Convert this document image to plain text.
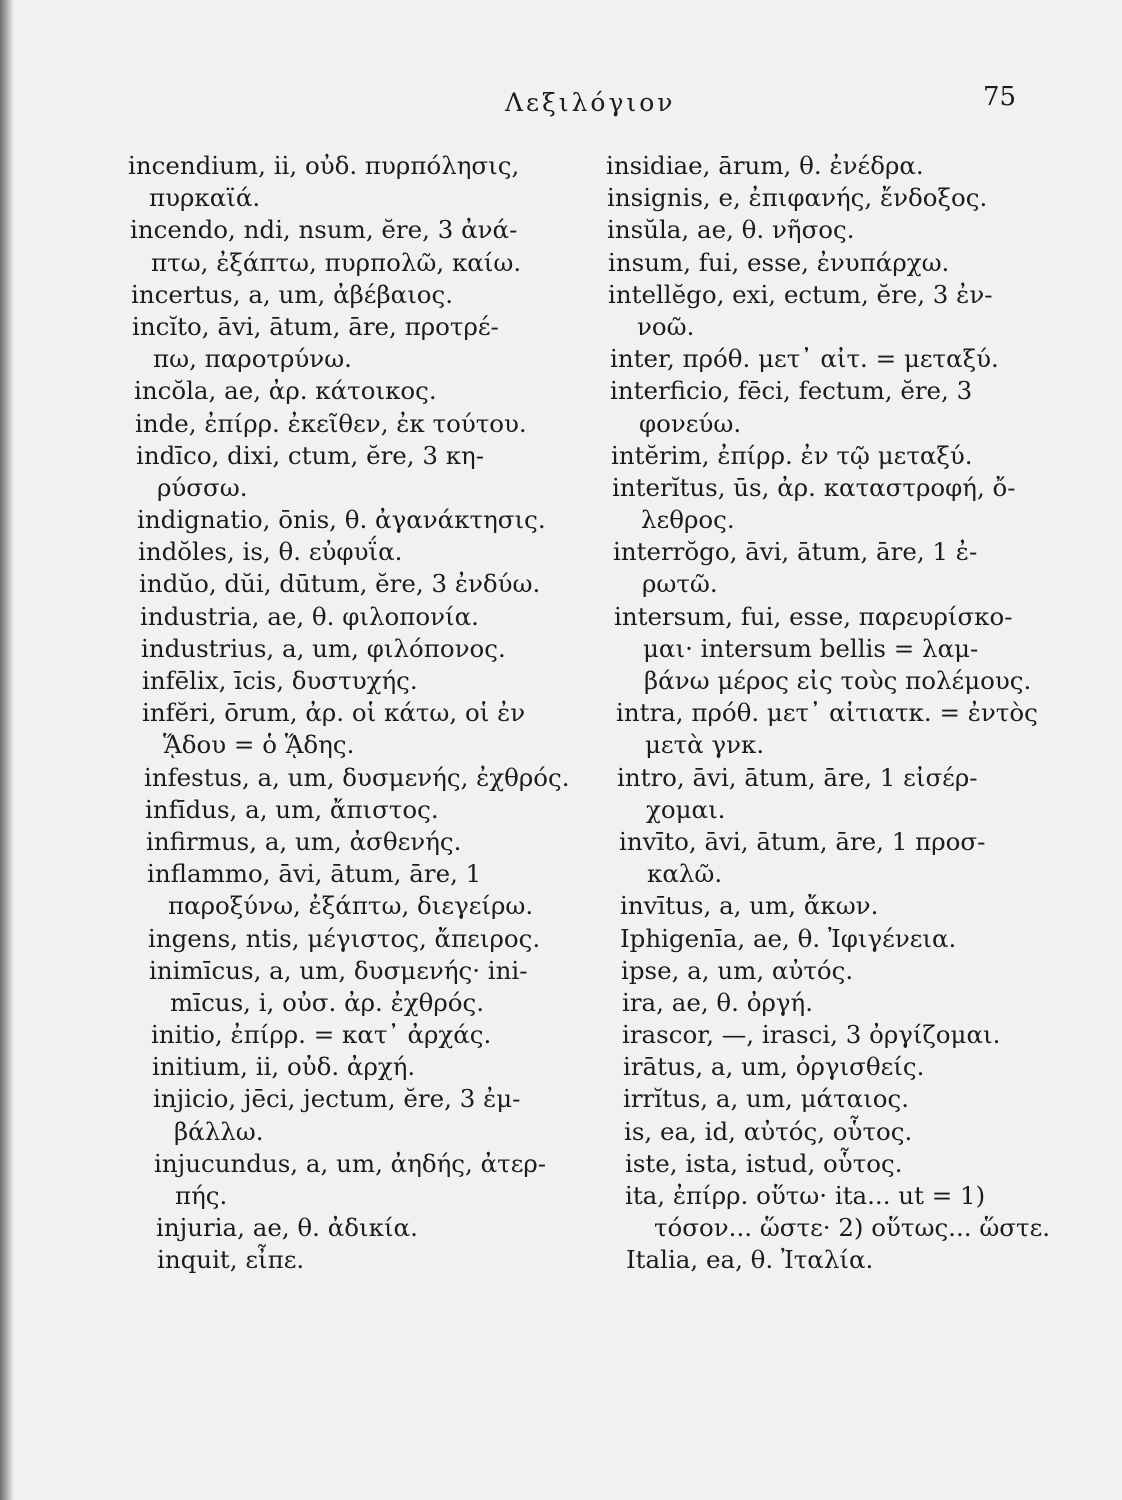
Λεξιλόγιον	75
incendium, ii, οὐδ. πυρπόλησις,
πυρκαϊά.
incendo, ndi, nsum, ĕre, 3 ἀνά-
πτω, ἐξάπτω, πυρπολῶ, καίω.
incertus, a, um, ἀβέβαιος.
incĭto, āvi, ātum, āre, προτρέ-
πω, παροτρύνω.
incŏla, ae, ἀρ. κάτοικος.
inde, ἐπίρρ. ἐκεῖθεν, ἐκ τούτου.
indīco, dixi, ctum, ĕre, 3 κη-
ρύσσω.
indignatio, ōnis, θ. ἀγανάκτησις.
indŏles, is, θ. εὐφυΐα.
indŭo, dŭi, dūtum, ĕre, 3 ἐνδύω.
industria, ae, θ. φιλοπονία.
industrius, a, um, φιλόπονος.
infēlix, īcis, δυστυχής.
infĕri, ōrum, ἀρ. οἱ κάτω, οἱ ἐν
ᾍδου = ὁ ᾍδης.
infestus, a, um, δυσμενής, ἐχθρός.
infīdus, a, um, ἄπιστος.
infirmus, a, um, ἀσθενής.
inflammo, āvi, ātum, āre, 1
παροξύνω, ἐξάπτω, διεγείρω.
ingens, ntis, μέγιστος, ἄπειρος.
inimīcus, a, um, δυσμενής· ini-
mīcus, i, οὐσ. ἀρ. ἐχθρός.
initio, ἐπίρρ. = κατ᾿ ἀρχάς.
initium, ii, οὐδ. ἀρχή.
injicio, jēci, jectum, ĕre, 3 ἐμ-
βάλλω.
injucundus, a, um, ἀηδής, ἀτερ-
πής.
injuria, ae, θ. ἀδικία.
inquit, εἶπε.
insidiae, ārum, θ. ἐνέδρα.
insignis, e, ἐπιφανής, ἔνδοξος.
insŭla, ae, θ. νῆσος.
insum, fui, esse, ἐνυπάρχω.
intellĕgo, exi, ectum, ĕre, 3 ἐν-
νοῶ.
inter, πρόθ. μετ᾿ αἰτ. = μεταξύ.
interficio, fēci, fectum, ĕre, 3
φονεύω.
intĕrim, ἐπίρρ. ἐν τῷ μεταξύ.
interĭtus, ūs, ἀρ. καταστροφή, ὄ-
λεθρος.
interrŏgo, āvi, ātum, āre, 1 ἐ-
ρωτῶ.
intersum, fui, esse, παρευρίσκο-
μαι· intersum bellis = λαμ-
βάνω μέρος εἰς τοὺς πολέμους.
intra, πρόθ. μετ᾿ αἰτιατκ. = ἐντὸς
μετὰ γνκ.
intro, āvi, ātum, āre, 1 εἰσέρ-
χομαι.
invīto, āvi, ātum, āre, 1 προσ-
καλῶ.
invītus, a, um, ἄκων.
Iphigenīa, ae, θ. Ἰφιγένεια.
ipse, a, um, αὐτός.
ira, ae, θ. ὀργή.
irascor, —, irasci, 3 ὀργίζομαι.
irātus, a, um, ὀργισθείς.
irrĭtus, a, um, μάταιος.
is, ea, id, αὐτός, οὗτος.
iste, ista, istud, οὗτος.
ita, ἐπίρρ. οὕτω· ita... ut = 1)
τόσον... ὥστε· 2) οὕτως... ὥστε.
Italia, ea, θ. Ἰταλία.
